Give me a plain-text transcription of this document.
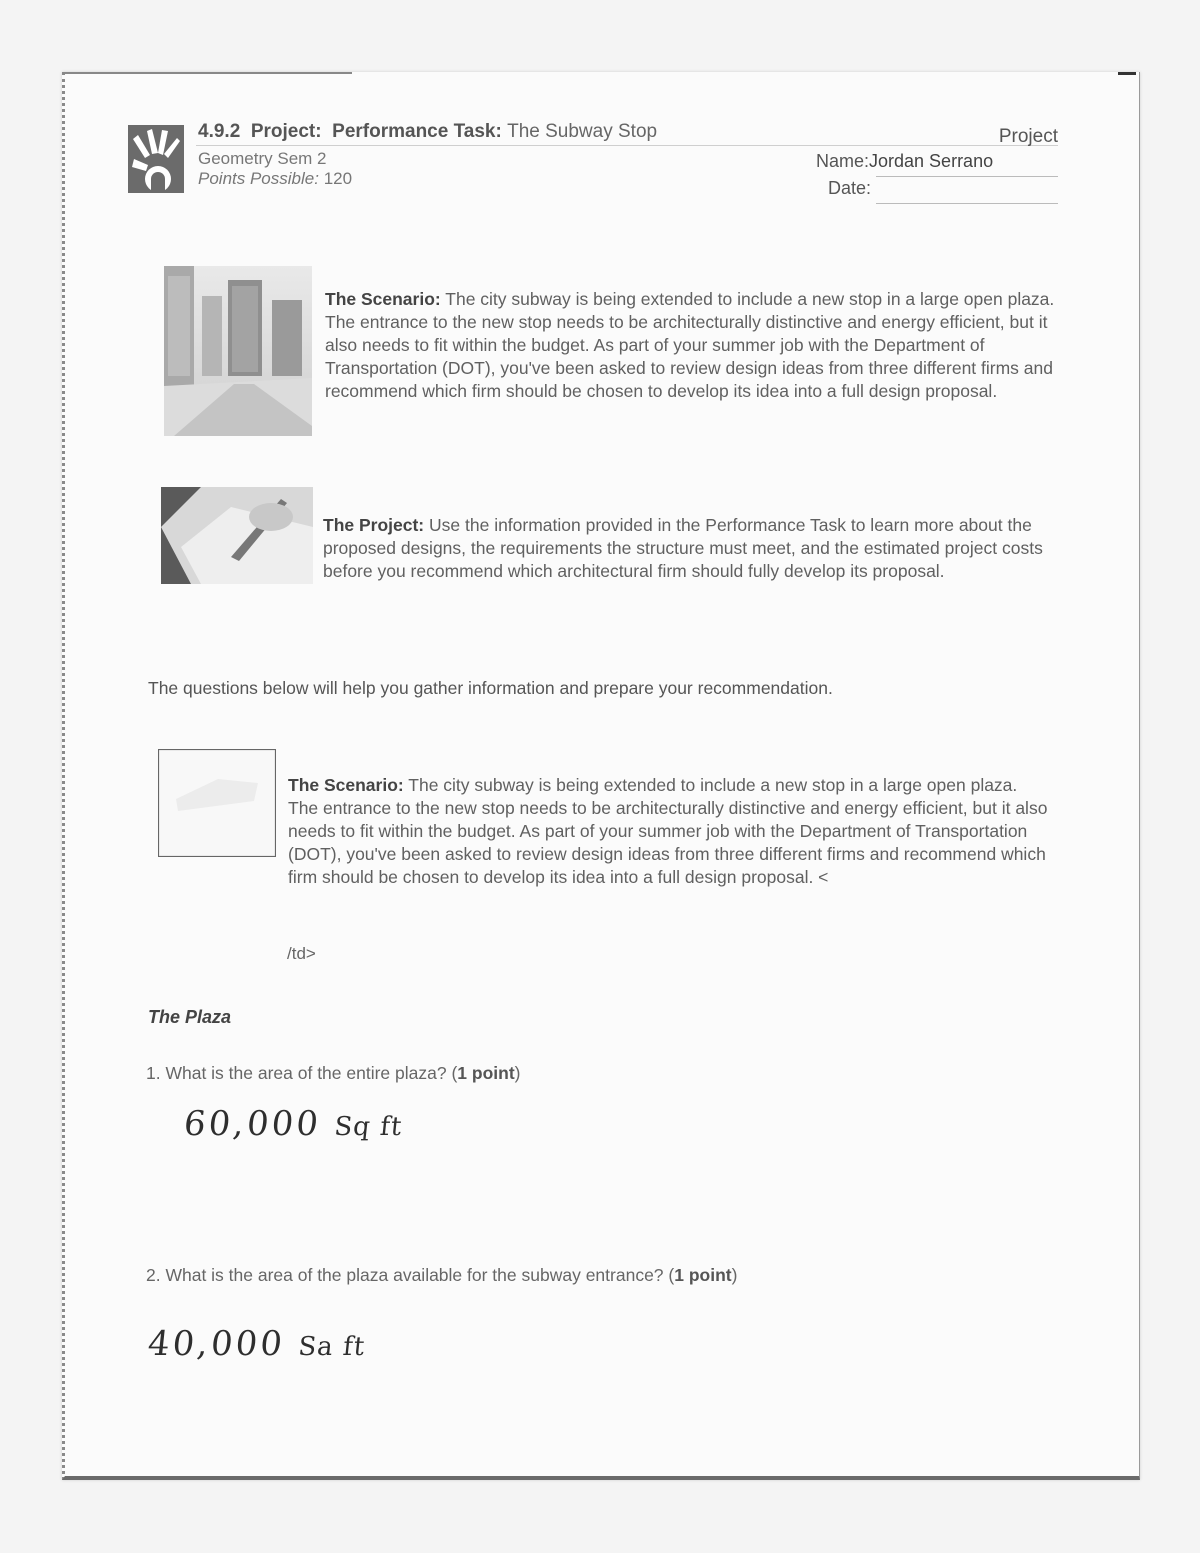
4.9.2 Project: Performance Task: The Subway Stop
Geometry Sem 2
Points Possible: 120
Project
Name:Jordan Serrano
Date:
The Scenario: The city subway is being extended to include a new stop in a large open plaza. The entrance to the new stop needs to be architecturally distinctive and energy efficient, but it also needs to fit within the budget. As part of your summer job with the Department of Transportation (DOT), you've been asked to review design ideas from three different firms and recommend which firm should be chosen to develop its idea into a full design proposal.
The Project: Use the information provided in the Performance Task to learn more about the proposed designs, the requirements the structure must meet, and the estimated project costs before you recommend which architectural firm should fully develop its proposal.
The questions below will help you gather information and prepare your recommendation.
The Scenario: The city subway is being extended to include a new stop in a large open plaza. The entrance to the new stop needs to be architecturally distinctive and energy efficient, but it also needs to fit within the budget. As part of your summer job with the Department of Transportation (DOT), you've been asked to review design ideas from three different firms and recommend which firm should be chosen to develop its idea into a full design proposal. <
/td>
The Plaza
1. What is the area of the entire plaza? (1 point)
60,000 Sq ft
2. What is the area of the plaza available for the subway entrance? (1 point)
40,000 Sa ft
